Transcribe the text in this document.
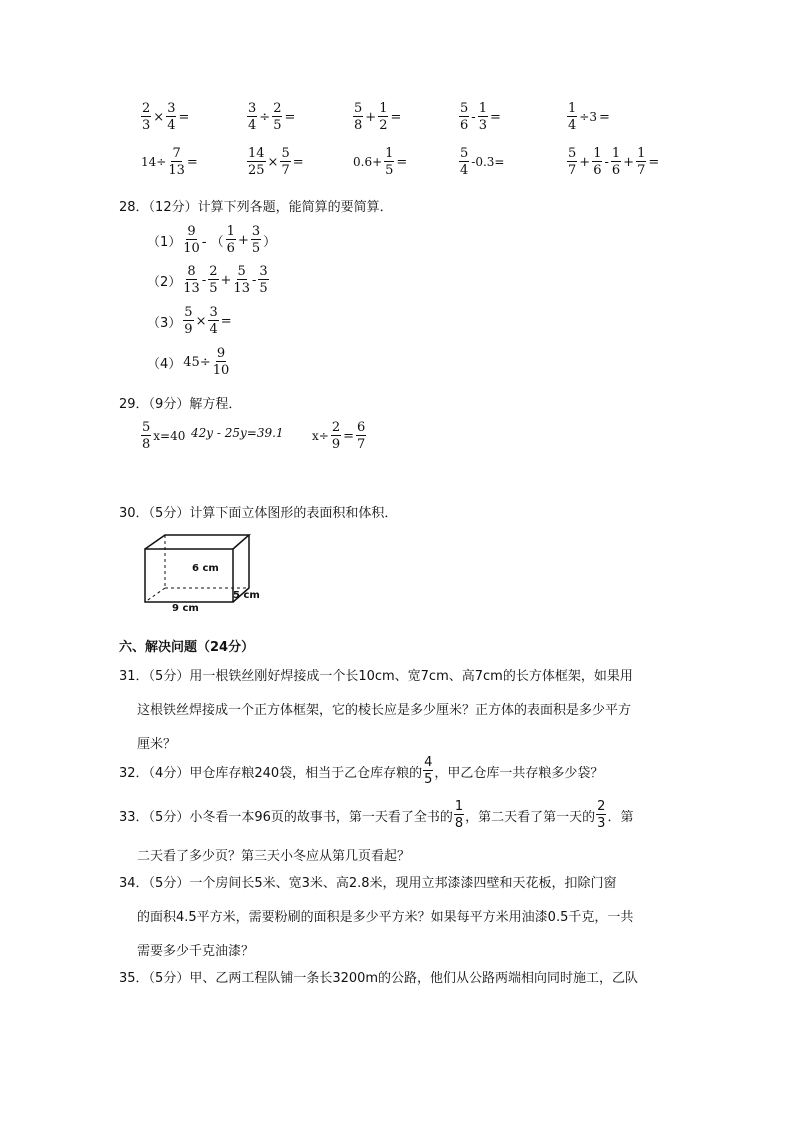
$\frac{2}{3} \times \frac{3}{4}$ =	$\frac{3}{4} \div \frac{2}{5}$ =	$\frac{5}{8} + \frac{1}{2}$ =	$\frac{5}{6} - \frac{1}{3}$ =	$\frac{1}{4} \div 3$ =
$14\div \frac{7}{13}$ =	$\frac{14}{25} \times \frac{5}{7}$ =	$0.6+ \frac{1}{5}$ =	$\frac{5}{4} -0.3=$	$\frac{5}{7} + \frac{1}{6} - \frac{1}{6} + \frac{1}{7}$ =
28．（12分）计算下列各题，能简算的要简算．
$(1) \frac{9}{10}$ - （ $\frac{1}{6} + \frac{3}{5}$ ）
$(2) \frac{8}{13} - \frac{2}{5} + \frac{5}{13} - \frac{3}{5}$
$(3) \frac{5}{9} \times \frac{3}{4}$ =
（4） $45\div \frac{9}{10}$
29．（9分）解方程．
$\frac{5}{8} x=40$ 42y - 25y=39.1 $x\div \frac{2}{9} = \frac{6}{7}$
30．（5分）计算下面立体图形的表面积和体积．
6 cm
5 cm
9 cm
六、解决问题（24分）
31．（5分）用一根铁丝刚好焊接成一个长10cm、宽7cm、高7cm的长方体框架，如果用
这根铁丝焊接成一个正方体框架，它的棱长应是多少厘米？正方体的表面积是多少平方
厘米？
32．（4分）甲仓库存粮240袋，相当于乙仓库存粮的 $\frac{4}{5}$ ，甲乙仓库一共存粮多少袋？
33．（5分）小冬看一本96页的故事书，第一天看了全书的 $\frac{1}{8}$ ，第二天看了第一天的 $\frac{2}{3}$ ．第
二天看了多少页？第三天小冬应从第几页看起？
34．（5分）一个房间长5米、宽3米、高2.8米，现用立邦漆漆四壁和天花板，扣除门窗
的面积4.5平方米，需要粉刷的面积是多少平方米？如果每平方米用油漆0.5千克，一共
需要多少千克油漆？
35．（5分）甲、乙两工程队铺一条长3200m的公路，他们从公路两端相向同时施工，乙队
